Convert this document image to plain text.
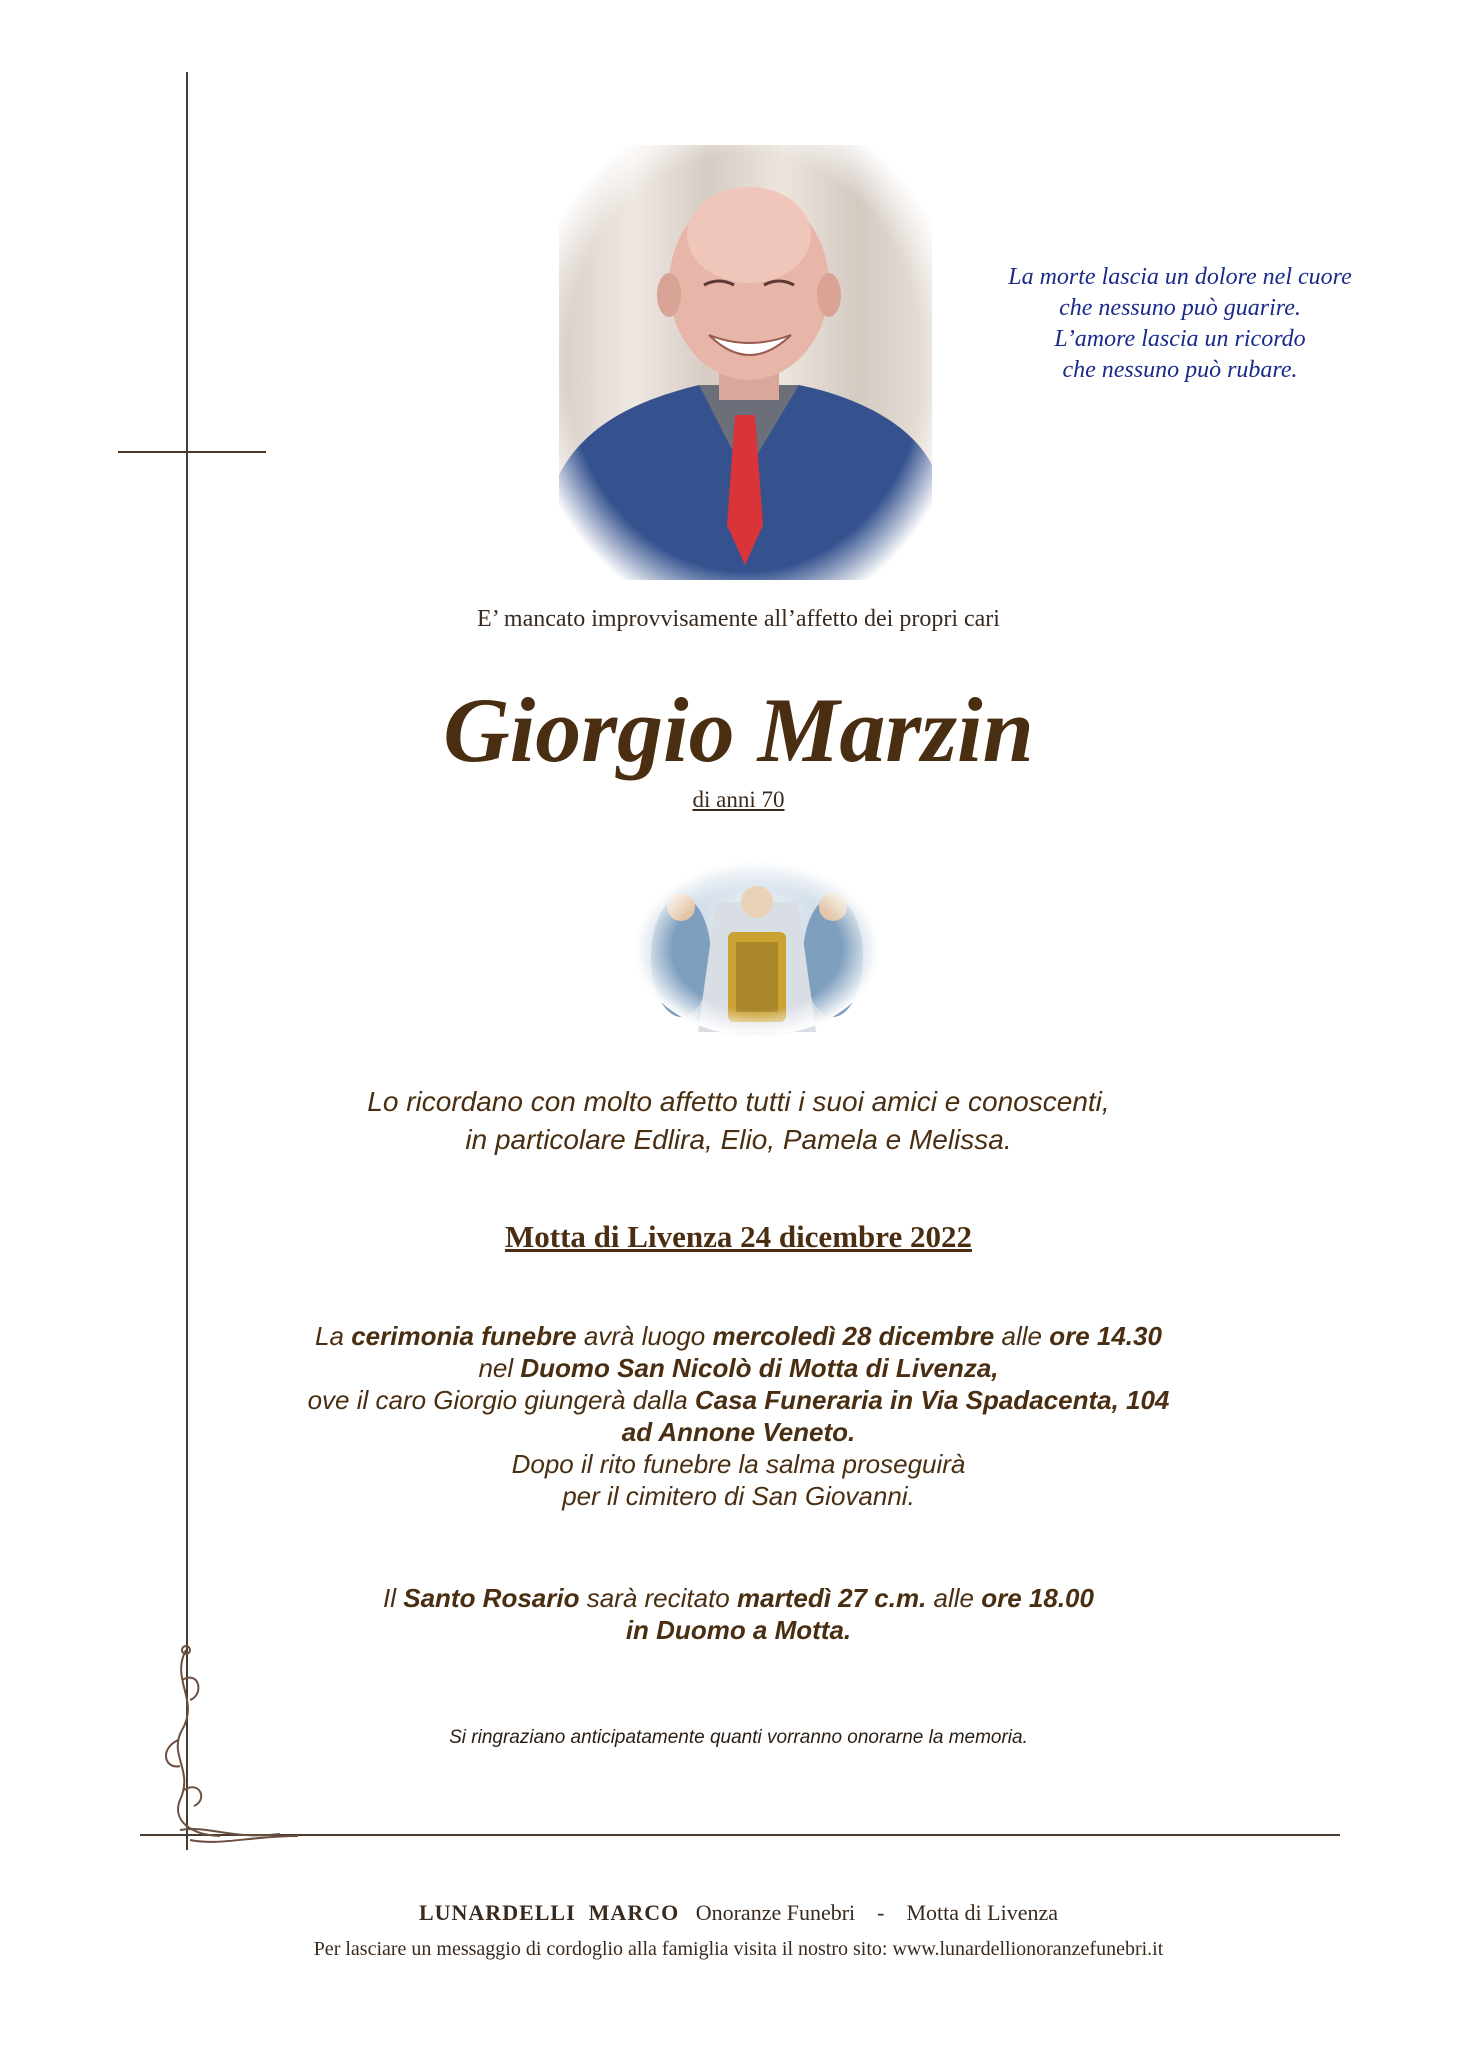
La morte lascia un dolore nel cuore
che nessuno può guarire.
L’amore lascia un ricordo
che nessuno può rubare.
E’ mancato improvvisamente all’affetto dei propri cari
Giorgio Marzin
di anni 70
Lo ricordano con molto affetto tutti i suoi amici e conoscenti,
in particolare Edlira, Elio, Pamela e Melissa.
Motta di Livenza 24 dicembre 2022
La cerimonia funebre avrà luogo mercoledì 28 dicembre alle ore 14.30
nel Duomo San Nicolò di Motta di Livenza,
ove il caro Giorgio giungerà dalla Casa Funeraria in Via Spadacenta, 104
ad Annone Veneto.
Dopo il rito funebre la salma proseguirà
per il cimitero di San Giovanni.
Il Santo Rosario sarà recitato martedì 27 c.m. alle ore 18.00
in Duomo a Motta.
Si ringraziano anticipatamente quanti vorranno onorarne la memoria.
LUNARDELLI  MARCO Onoranze Funebri - Motta di Livenza
Per lasciare un messaggio di cordoglio alla famiglia visita il nostro sito: www.lunardellionoranzefunebri.it
